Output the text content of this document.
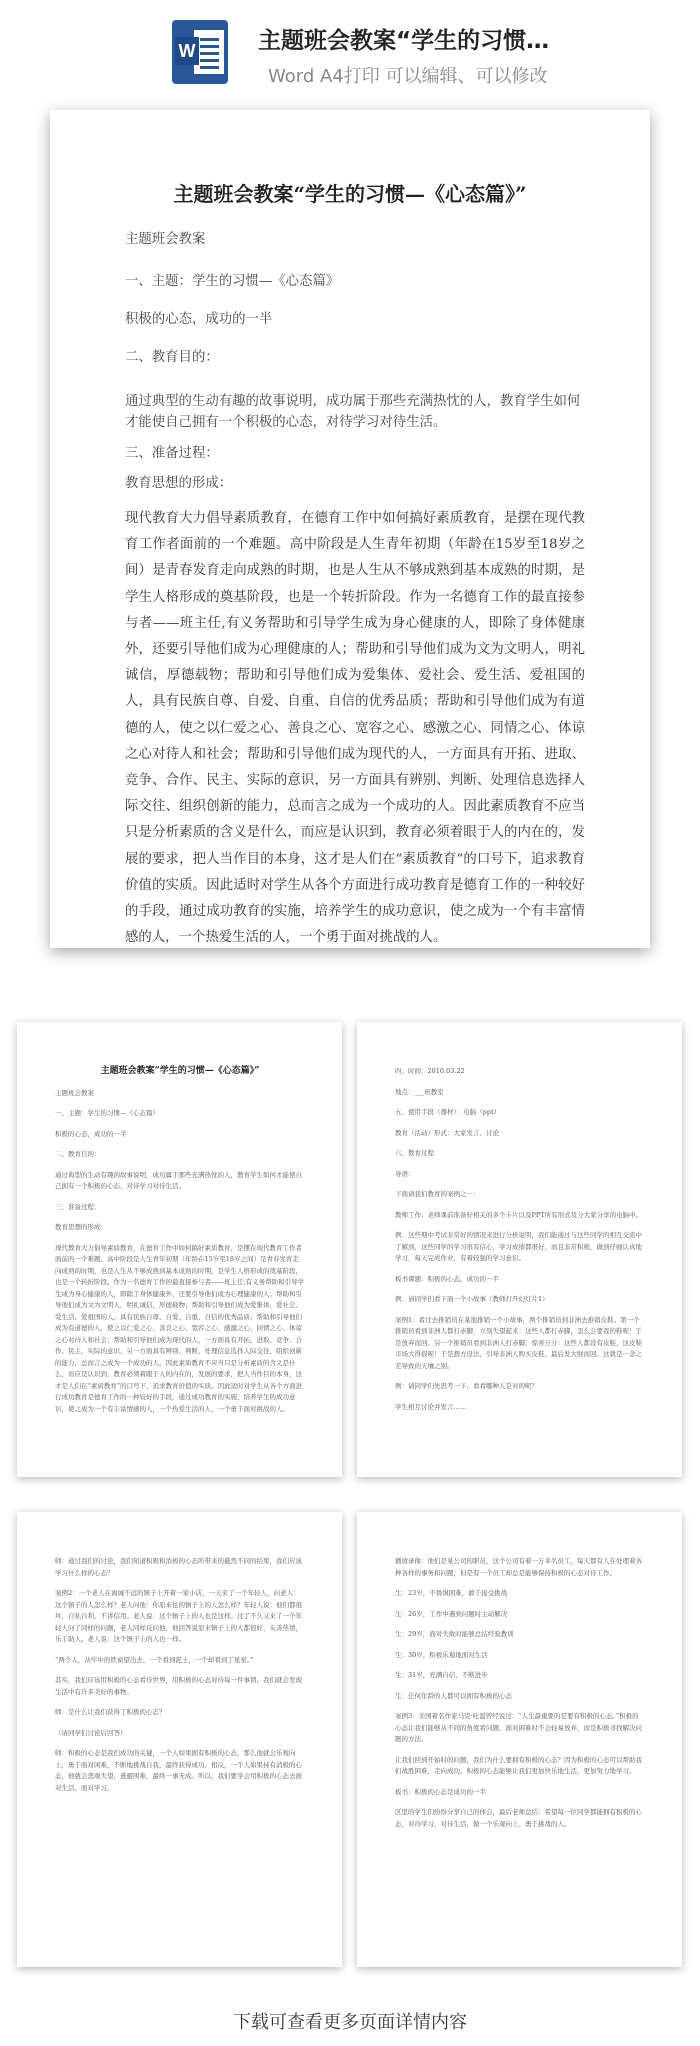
W	主题班会教案“学生的习惯…
Word A4打印 可以编辑、可以修改
主题班会教案“学生的习惯—《心态篇》”
主题班会教案
一、主题：学生的习惯—《心态篇》
积极的心态，成功的一半
二、教育目的：
通过典型的生动有趣的故事说明，成功属于那些充满热忱的人，教育学生如何才能使自己拥有一个积极的心态，对待学习对待生活。
三、准备过程：
教育思想的形成：
现代教育大力倡导素质教育，在德育工作中如何搞好素质教育，是摆在现代教育工作者面前的一个难题。高中阶段是人生青年初期（年龄在15岁至18岁之间）是青春发育走向成熟的时期，也是人生从不够成熟到基本成熟的时期，是学生人格形成的奠基阶段，也是一个转折阶段。作为一名德育工作的最直接参与者——班主任,有义务帮助和引导学生成为身心健康的人，即除了身体健康外，还要引导他们成为心理健康的人；帮助和引导他们成为文为文明人，明礼诚信，厚德载物；帮助和引导他们成为爱集体、爱社会、爱生活、爱祖国的人，具有民族自尊、自爱、自重、自信的优秀品质；帮助和引导他们成为有道德的人，使之以仁爱之心、善良之心、宽容之心、感激之心、同情之心、体谅之心对待人和社会；帮助和引导他们成为现代的人，一方面具有开拓、进取、竞争、合作、民主、实际的意识，另一方面具有辨别、判断、处理信息选择人际交往、组织创新的能力，总而言之成为一个成功的人。因此素质教育不应当只是分析素质的含义是什么，而应是认识到，教育必须着眼于人的内在的，发展的要求，把人当作目的本身，这才是人们在“素质教育”的口号下，追求教育价值的实质。因此适时对学生从各个方面进行成功教育是德育工作的一种较好的手段，通过成功教育的实施，培养学生的成功意识，使之成为一个有丰富情感的人，一个热爱生活的人，一个勇于面对挑战的人。

主题班会教案“学生的习惯—《心态篇》”

主题班会教案

一、主题：学生的习惯—《心态篇》

积极的心态，成功的一半

二、教育目的：

通过典型的生动有趣的故事说明，成功属于那些充满热忱的人，教育学生如何才能使自己拥有一个积极的心态，对待学习对待生活。

三、准备过程：

教育思想的形成：

现代教育大力倡导素质教育，在德育工作中如何搞好素质教育，是摆在现代教育工作者面前的一个难题。高中阶段是人生青年初期（年龄在15岁至18岁之间）是青春发育走向成熟的时期，也是人生从不够成熟到基本成熟的时期，是学生人格形成的奠基阶段，也是一个转折阶段。作为一名德育工作的最直接参与者——班主任,有义务帮助和引导学生成为身心健康的人，即除了身体健康外，还要引导他们成为心理健康的人；帮助和引导他们成为文为文明人，明礼诚信，厚德载物；帮助和引导他们成为爱集体、爱社会、爱生活、爱祖国的人，具有民族自尊、自爱、自重、自信的优秀品质；帮助和引导他们成为有道德的人，使之以仁爱之心、善良之心、宽容之心、感激之心、同情之心、体谅之心对待人和社会；帮助和引导他们成为现代的人，一方面具有开拓、进取、竞争、合作、民主、实际的意识，另一方面具有辨别、判断、处理信息选择人际交往、组织创新的能力，总而言之成为一个成功的人。因此素质教育不应当只是分析素质的含义是什么，而应是认识到，教育必须着眼于人的内在的，发展的要求，把人当作目的本身，这才是人们在“素质教育”的口号下，追求教育价值的实质。因此适时对学生从各个方面进行成功教育是德育工作的一种较好的手段，通过成功教育的实施，培养学生的成功意识，使之成为一个有丰富情感的人，一个热爱生活的人，一个勇于面对挑战的人。

四、时间：2010.03.22

地点：___班教室

五、使用手段（器材）：电脑（ppt）

教育（活动）形式：大家发言、讨论

六、教育过程

导语：

下面请我们教育的案例之一：

教师工作：老师课前准备好相关的多个卡片以及PPT所有形式及分大家分享的电脑中。

例：这些期中考试非常好的情况来进行分析说明，我们能通过与这些同学的相互交流中了解到，这些同学的学习很有信心，学习成绩都很好，而且非常积极，做到仔细认真地学习，每天完成作业，有着较强的学习意识。

板书课题：积极的心态，成功的一半

例：请同学们看下面一个小故事（教师打开幻灯片1）

案例1：看过去推销员在某地推销一个小故事，两个推销员到非洲去推销皮鞋。第一个推销员看到非洲人都打赤脚，立刻失望起来：这些人都打赤脚，怎么会要我的鞋呢！于是放弃而回。另一个推销员看到非洲人打赤脚，惊喜万分：这些人都没有皮鞋，这皮鞋市场大得很呢！于是想方设法，引导非洲人购买皮鞋，最后发大财而回。这就是一念之差导致的天壤之别。

例：请同学们先思考一下，看看哪种人是对的呢？

学生相互讨论并发言……

师：通过我们的讨论，我们知道积极和消极的心态所带来的截然不同的结果，我们应该学习什么样的心态？

案例2：一个老人在离城不远的镇子上开着一家小店，一天来了一个年轻人，问老人：这个镇子的人怎么样？老人问他：你原来住的镇子上的人怎么样？年轻人说：他们都很坏，自私自利，不讲信用。老人说：这个镇子上的人也是这样。过了不久又来了一个年轻人问了同样的问题，老人同样反问他，他回答说原来镇子上的人都很好，友善热情，乐于助人。老人说：这个镇子上的人也一样。

“两个人，从牢中的铁窗望出去，一个看到泥土，一个却看到了星星。”

其实，我们应该用积极的心态看待世界，用积极的心态对待每一件事情，我们就会发现生活中有许多美好的事物。

师：是什么让我们获得了积极的心态？

（请同学们讨论后回答）

师：积极的心态是我们成功的关键，一个人如果拥有积极的心态，那么他就会乐观向上，勇于面对困难，不断地挑战自我，最终获得成功。相反，一个人如果持有消极的心态，他就会悲观失望，逃避困难，最终一事无成。所以，我们要学会用积极的心态去面对生活、面对学习。

播放录像：他们是某公司的职员，这个公司有着一万多名员工，每天都有人在处理着各种各样的事务和问题，但是有一个员工却总是能够保持积极的心态对待工作。

生：23岁，不畏惧困难，敢于接受挑战

生：26岁，工作中遇到问题时主动解决

生：29岁，面对失败时能够总结经验教训

生：30岁，积极乐观地面对生活

生：31岁，充满自信，不断进步

生：任何年龄的人都可以拥有积极的心态

案例3：美国着名作家马克·吐温曾经说过：“人生最重要的是要有积极的心态。”积极的心态让我们能够从不同的角度看问题，面对困难时不会轻易放弃，而是积极寻找解决问题的方法。

让我们回到开始时的问题，我们为什么要拥有积极的心态？因为积极的心态可以帮助我们战胜困难，走向成功。积极的心态能够让我们更加快乐地生活，更加努力地学习。

板书：积极的心态是成功的一半

区里的学生们纷纷分享自己的体会，最后老师总结：希望每一位同学都能拥有积极的心态，对待学习，对待生活，做一个乐观向上、勇于挑战的人。

下载可查看更多页面详情内容
